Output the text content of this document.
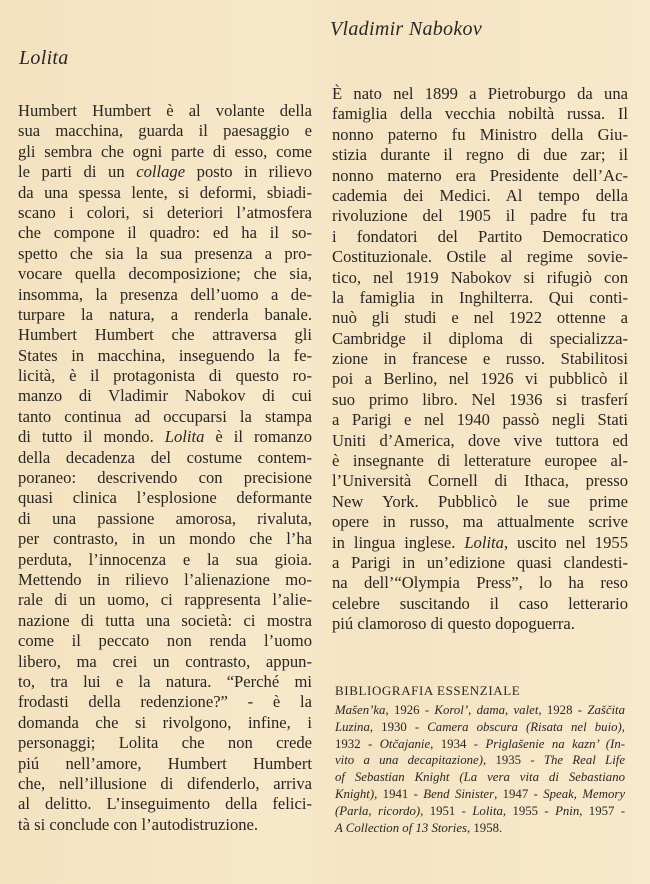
Lolita
Vladimir Nabokov
Humbert Humbert è al volante della
sua macchina, guarda il paesaggio e
gli sembra che ogni parte di esso, come
le parti di un collage posto in rilievo
da una spessa lente, si deformi, sbiadi-
scano i colori, si deteriori l’atmosfera
che compone il quadro: ed ha il so-
spetto che sia la sua presenza a pro-
vocare quella decomposizione; che sia,
insomma, la presenza dell’uomo a de-
turpare la natura, a renderla banale.
Humbert Humbert che attraversa gli
States in macchina, inseguendo la fe-
licità, è il protagonista di questo ro-
manzo di Vladimir Nabokov di cui
tanto continua ad occuparsi la stampa
di tutto il mondo. Lolita è il romanzo
della decadenza del costume contem-
poraneo: descrivendo con precisione
quasi clinica l’esplosione deformante
di una passione amorosa, rivaluta,
per contrasto, in un mondo che l’ha
perduta, l’innocenza e la sua gioia.
Mettendo in rilievo l’alienazione mo-
rale di un uomo, ci rappresenta l’alie-
nazione di tutta una società: ci mostra
come il peccato non renda l’uomo
libero, ma crei un contrasto, appun-
to, tra lui e la natura. “Perché mi
frodasti della redenzione?” - è la
domanda che si rivolgono, infine, i
personaggi; Lolita che non crede
piú nell’amore, Humbert Humbert
che, nell’illusione di difenderlo, arriva
al delitto. L’inseguimento della felici-
tà si conclude con l’autodistruzione.
È nato nel 1899 a Pietroburgo da una
famiglia della vecchia nobiltà russa. Il
nonno paterno fu Ministro della Giu-
stizia durante il regno di due zar; il
nonno materno era Presidente dell’Ac-
cademia dei Medici. Al tempo della
rivoluzione del 1905 il padre fu tra
i fondatori del Partito Democratico
Costituzionale. Ostile al regime sovie-
tico, nel 1919 Nabokov si rifugiò con
la famiglia in Inghilterra. Qui conti-
nuò gli studi e nel 1922 ottenne a
Cambridge il diploma di specializza-
zione in francese e russo. Stabilitosi
poi a Berlino, nel 1926 vi pubblicò il
suo primo libro. Nel 1936 si trasferí
a Parigi e nel 1940 passò negli Stati
Uniti d’America, dove vive tuttora ed
è insegnante di letterature europee al-
l’Università Cornell di Ithaca, presso
New York. Pubblicò le sue prime
opere in russo, ma attualmente scrive
in lingua inglese. Lolita, uscito nel 1955
a Parigi in un’edizione quasi clandesti-
na dell’“Olympia Press”, lo ha reso
celebre suscitando il caso letterario
piú clamoroso di questo dopoguerra.
BIBLIOGRAFIA ESSENZIALE
Mašen’ka, 1926 - Korol’, dama, valet, 1928 - Zaščita
Luzina, 1930 - Camera obscura (Risata nel buio),
1932 - Otčajanie, 1934 - Priglašenie na kazn’ (In-
vito a una decapitazione), 1935 - The Real Life
of Sebastian Knight (La vera vita di Sebastiano
Knight), 1941 - Bend Sinister, 1947 - Speak, Memory
(Parla, ricordo), 1951 - Lolita, 1955 - Pnin, 1957 -
A Collection of 13 Stories, 1958.
